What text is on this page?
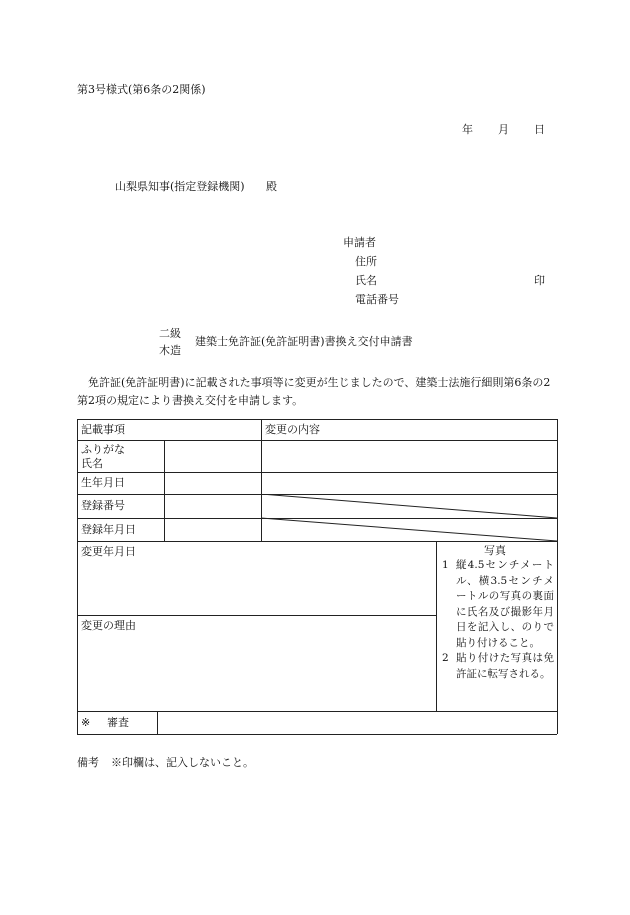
第3号様式(第6条の2関係)
年 月 日
山梨県知事(指定登録機関) 殿
申請者
住所
氏名	印
電話番号
二級
木造
建築士免許証(免許証明書)書換え交付申請書
免許証(免許証明書)に記載された事項等に変更が生じましたので、建築士法施行細則第6条の2第2項の規定により書換え交付を申請します。
記載事項	変更の内容
ふりがな
氏名
生年月日
登録番号
登録年月日
変更年月日
変更の理由
※ 審査
写真
1 縦4.5センチメートル、横3.5センチメートルの写真の裏面に氏名及び撮影年月日を記入し、のりで貼り付けること。
2 貼り付けた写真は免許証に転写される。
備考 ※印欄は、記入しないこと。
